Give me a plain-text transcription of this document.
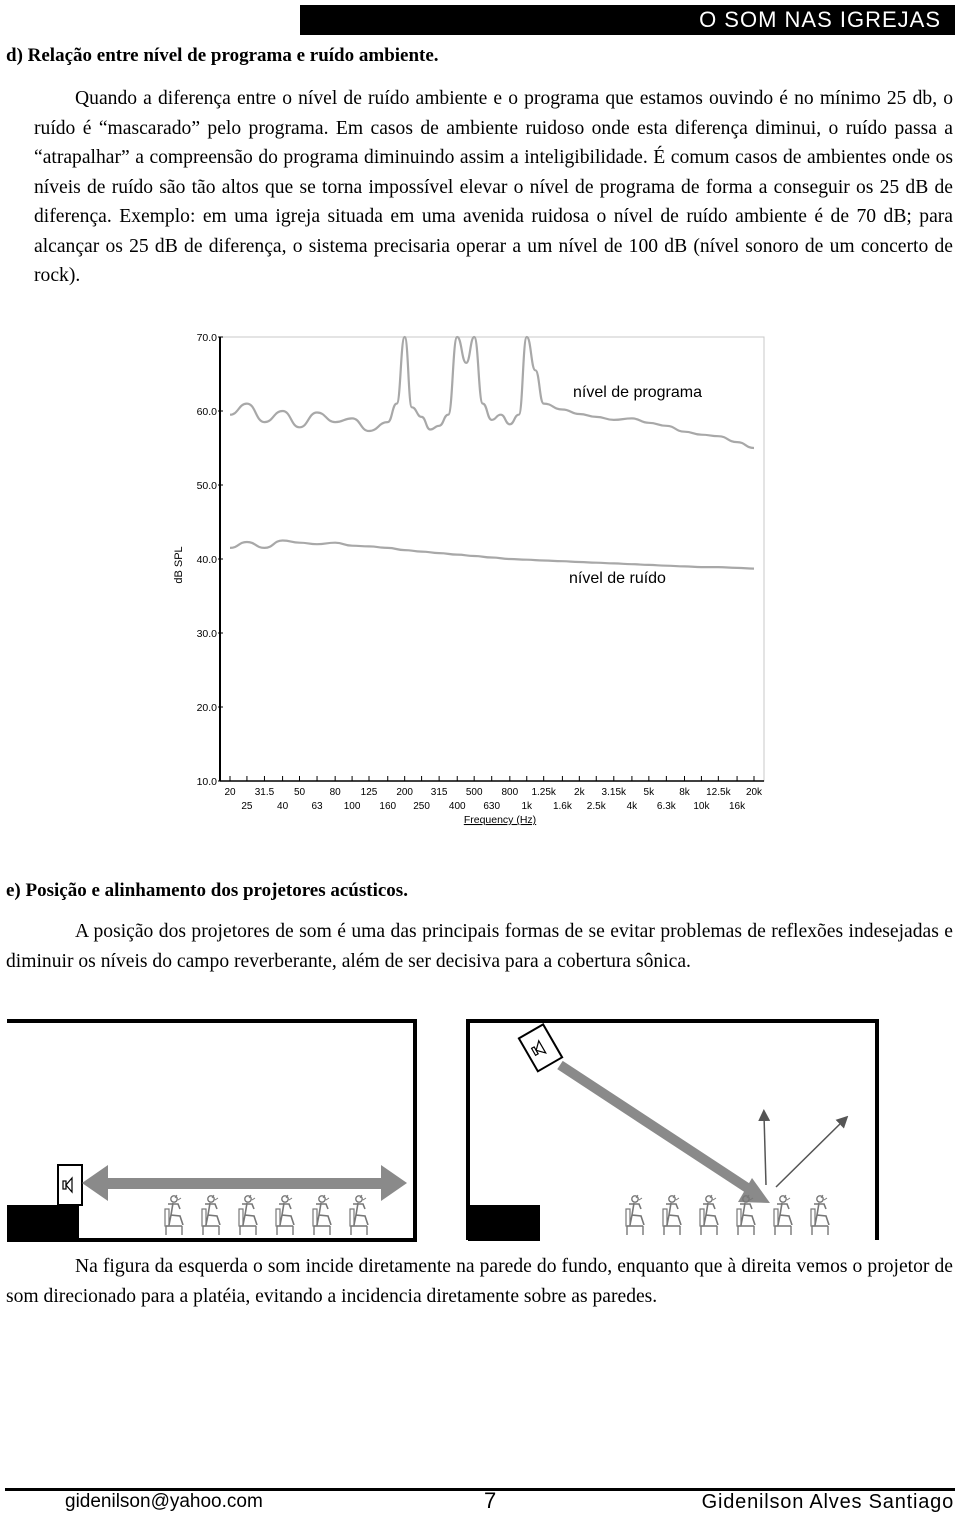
O SOM NAS IGREJAS
d) Relação entre nível de programa e ruído ambiente.

Quando a diferença entre o nível de ruído ambiente e o programa que estamos ouvindo é no mínimo 25 db, o ruído é “mascarado” pelo programa. Em casos de ambiente ruidoso onde esta diferença diminui, o ruído passa a “atrapalhar” a compreensão do programa diminuindo assim a inteligibilidade. É comum casos de ambientes onde os níveis de ruído são tão altos que se torna impossível elevar o nível de programa de forma a conseguir os 25 dB de diferença. Exemplo: em uma igreja situada em uma avenida ruidosa o nível de ruído ambiente é de 70 dB; para alcançar os 25 dB de diferença, o sistema precisaria operar a um nível de 100 dB (nível sonoro de um concerto de rock).

70.0
60.0
50.0
40.0
30.0
20.0
10.0
20 31.5 50 80 125 200 315 500 800 1.25k 2k 3.15k 5k	8k 12.5k 20k
25 40 63 100 160 250 400 630 1k 1.6k 2.5k 4k 6.3k 10k 16k
nível de programa
nível de ruído
dB SPL
Frequency (Hz)
e) Posição e alinhamento dos projetores acústicos.

A posição dos projetores de som é uma das principais formas de se evitar problemas de reflexões indesejadas e diminuir os níveis do campo reverberante, além de ser decisiva para a cobertura sônica.

Na figura da esquerda o som incide diretamente na parede do fundo, enquanto que à direita vemos o projetor de som direcionado para a platéia, evitando a incidencia diretamente sobre as paredes.

gidenilson@yahoo.com	7	Gidenilson Alves Santiago
